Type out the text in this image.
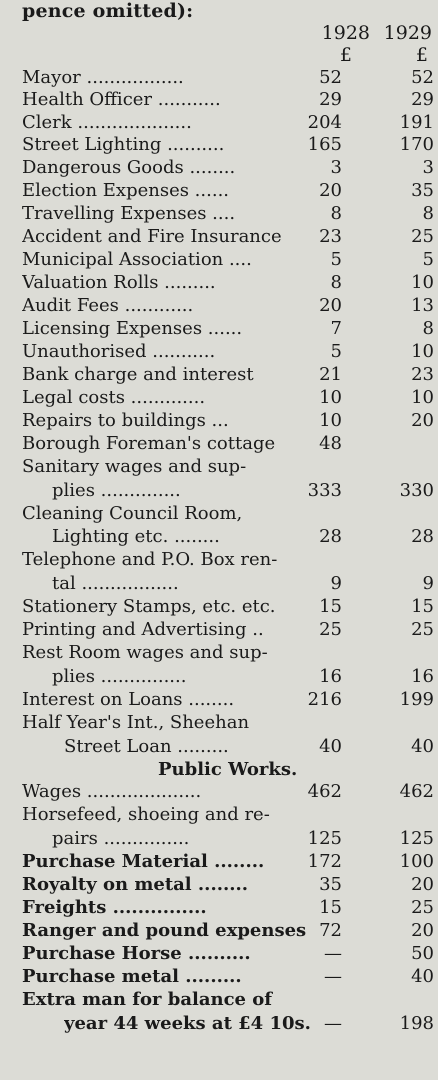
pence omitted):
1928 1929
£	£
Mayor .................	52	52
Health Officer ...........	29	29
Clerk ....................	204	191
Street Lighting ..........	165	170
Dangerous Goods ........	3	3
Election Expenses ......	20	35
Travelling Expenses ....	8	8
Accident and Fire Insurance	23	25
Municipal Association ....	5	5
Valuation Rolls .........	8	10
Audit Fees ............	20	13
Licensing Expenses ......	7	8
Unauthorised ...........	5	10
Bank charge and interest	21	23
Legal costs .............	10	10
Repairs to buildings ...	10	20
Borough Foreman's cottage	48
Sanitary wages and sup-
plies ..............	333	330
Cleaning Council Room,
Lighting etc. ........	28	28
Telephone and P.O. Box ren-
tal .................	9	9
Stationery Stamps, etc. etc.	15	15
Printing and Advertising ..	25	25
Rest Room wages and sup-
plies ...............	16	16
Interest on Loans ........	216	199
Half Year's Int., Sheehan
Street Loan .........	40	40
Wages ....................	462	462
Horsefeed, shoeing and re-
pairs ...............	125	125
Purchase Material ........	172	100
Royalty on metal ........	35	20
Freights ...............	15	25
Ranger and pound expenses 72	20
Purchase Horse ..........	—	50
Purchase metal .........	—	40
Extra man for balance of
year 44 weeks at £4 10s. —	198
Public Works.
